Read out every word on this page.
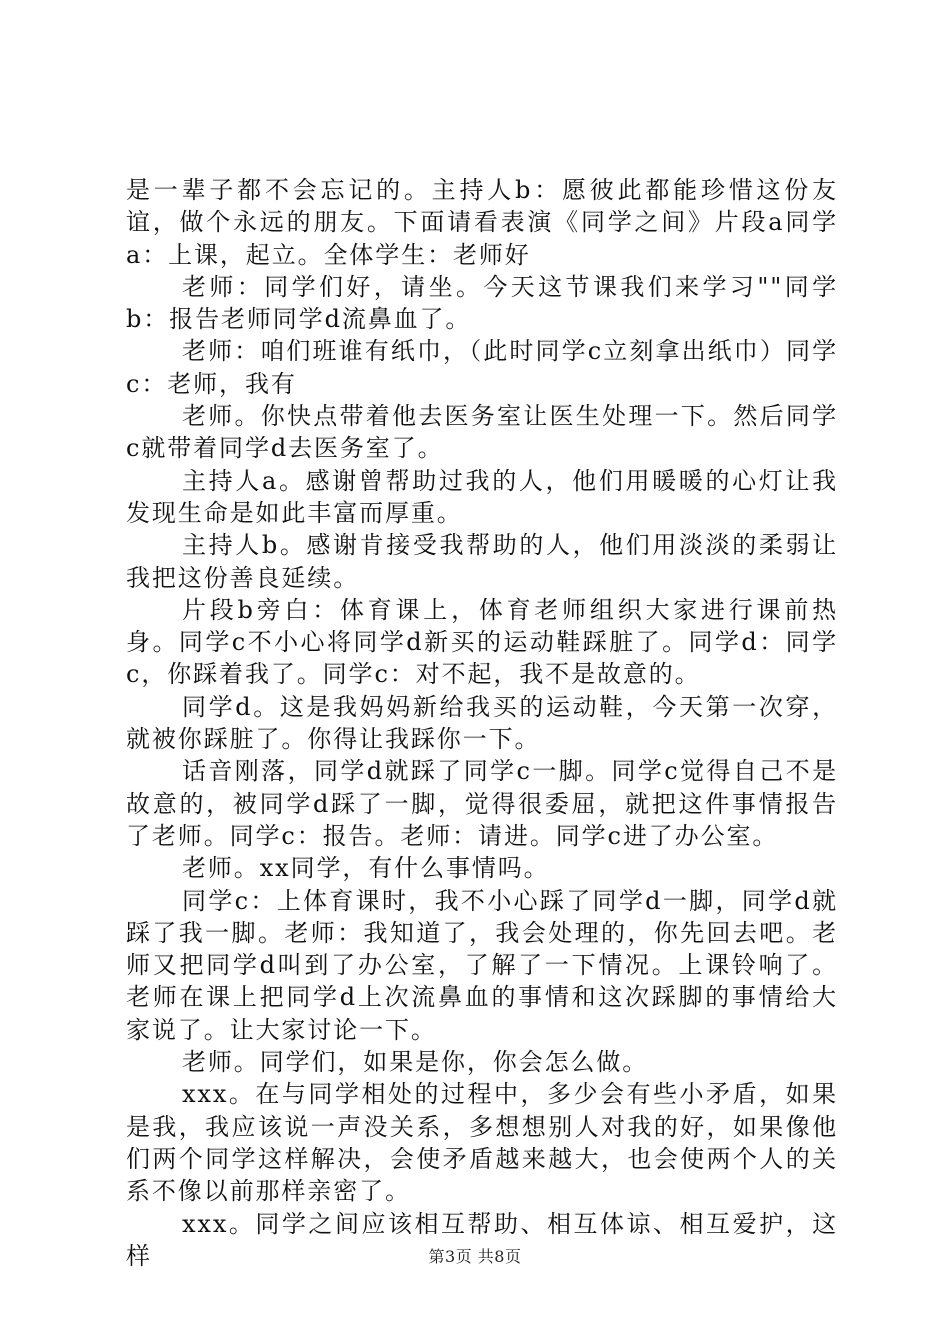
是一辈子都不会忘记的。主持人b：愿彼此都能珍惜这份友谊，做个永远的朋友。下面请看表演《同学之间》片段a同学a：上课，起立。全体学生：老师好

老师：同学们好，请坐。今天这节课我们来学习""同学b：报告老师同学d流鼻血了。

老师：咱们班谁有纸巾，（此时同学c立刻拿出纸巾）同学c：老师，我有

老师。你快点带着他去医务室让医生处理一下。然后同学c就带着同学d去医务室了。

主持人a。感谢曾帮助过我的人，他们用暖暖的心灯让我发现生命是如此丰富而厚重。

主持人b。感谢肯接受我帮助的人，他们用淡淡的柔弱让我把这份善良延续。

片段b旁白：体育课上，体育老师组织大家进行课前热身。同学c不小心将同学d新买的运动鞋踩脏了。同学d：同学c，你踩着我了。同学c：对不起，我不是故意的。

同学d。这是我妈妈新给我买的运动鞋，今天第一次穿，就被你踩脏了。你得让我踩你一下。

话音刚落，同学d就踩了同学c一脚。同学c觉得自己不是故意的，被同学d踩了一脚，觉得很委屈，就把这件事情报告了老师。同学c：报告。老师：请进。同学c进了办公室。

老师。xx同学，有什么事情吗。

同学c：上体育课时，我不小心踩了同学d一脚，同学d就踩了我一脚。老师：我知道了，我会处理的，你先回去吧。老师又把同学d叫到了办公室，了解了一下情况。上课铃响了。老师在课上把同学d上次流鼻血的事情和这次踩脚的事情给大家说了。让大家讨论一下。

老师。同学们，如果是你，你会怎么做。

xxx。在与同学相处的过程中，多少会有些小矛盾，如果是我，我应该说一声没关系，多想想别人对我的好，如果像他们两个同学这样解决，会使矛盾越来越大，也会使两个人的关系不像以前那样亲密了。

xxx。同学之间应该相互帮助、相互体谅、相互爱护，这样	第3页 共8页
